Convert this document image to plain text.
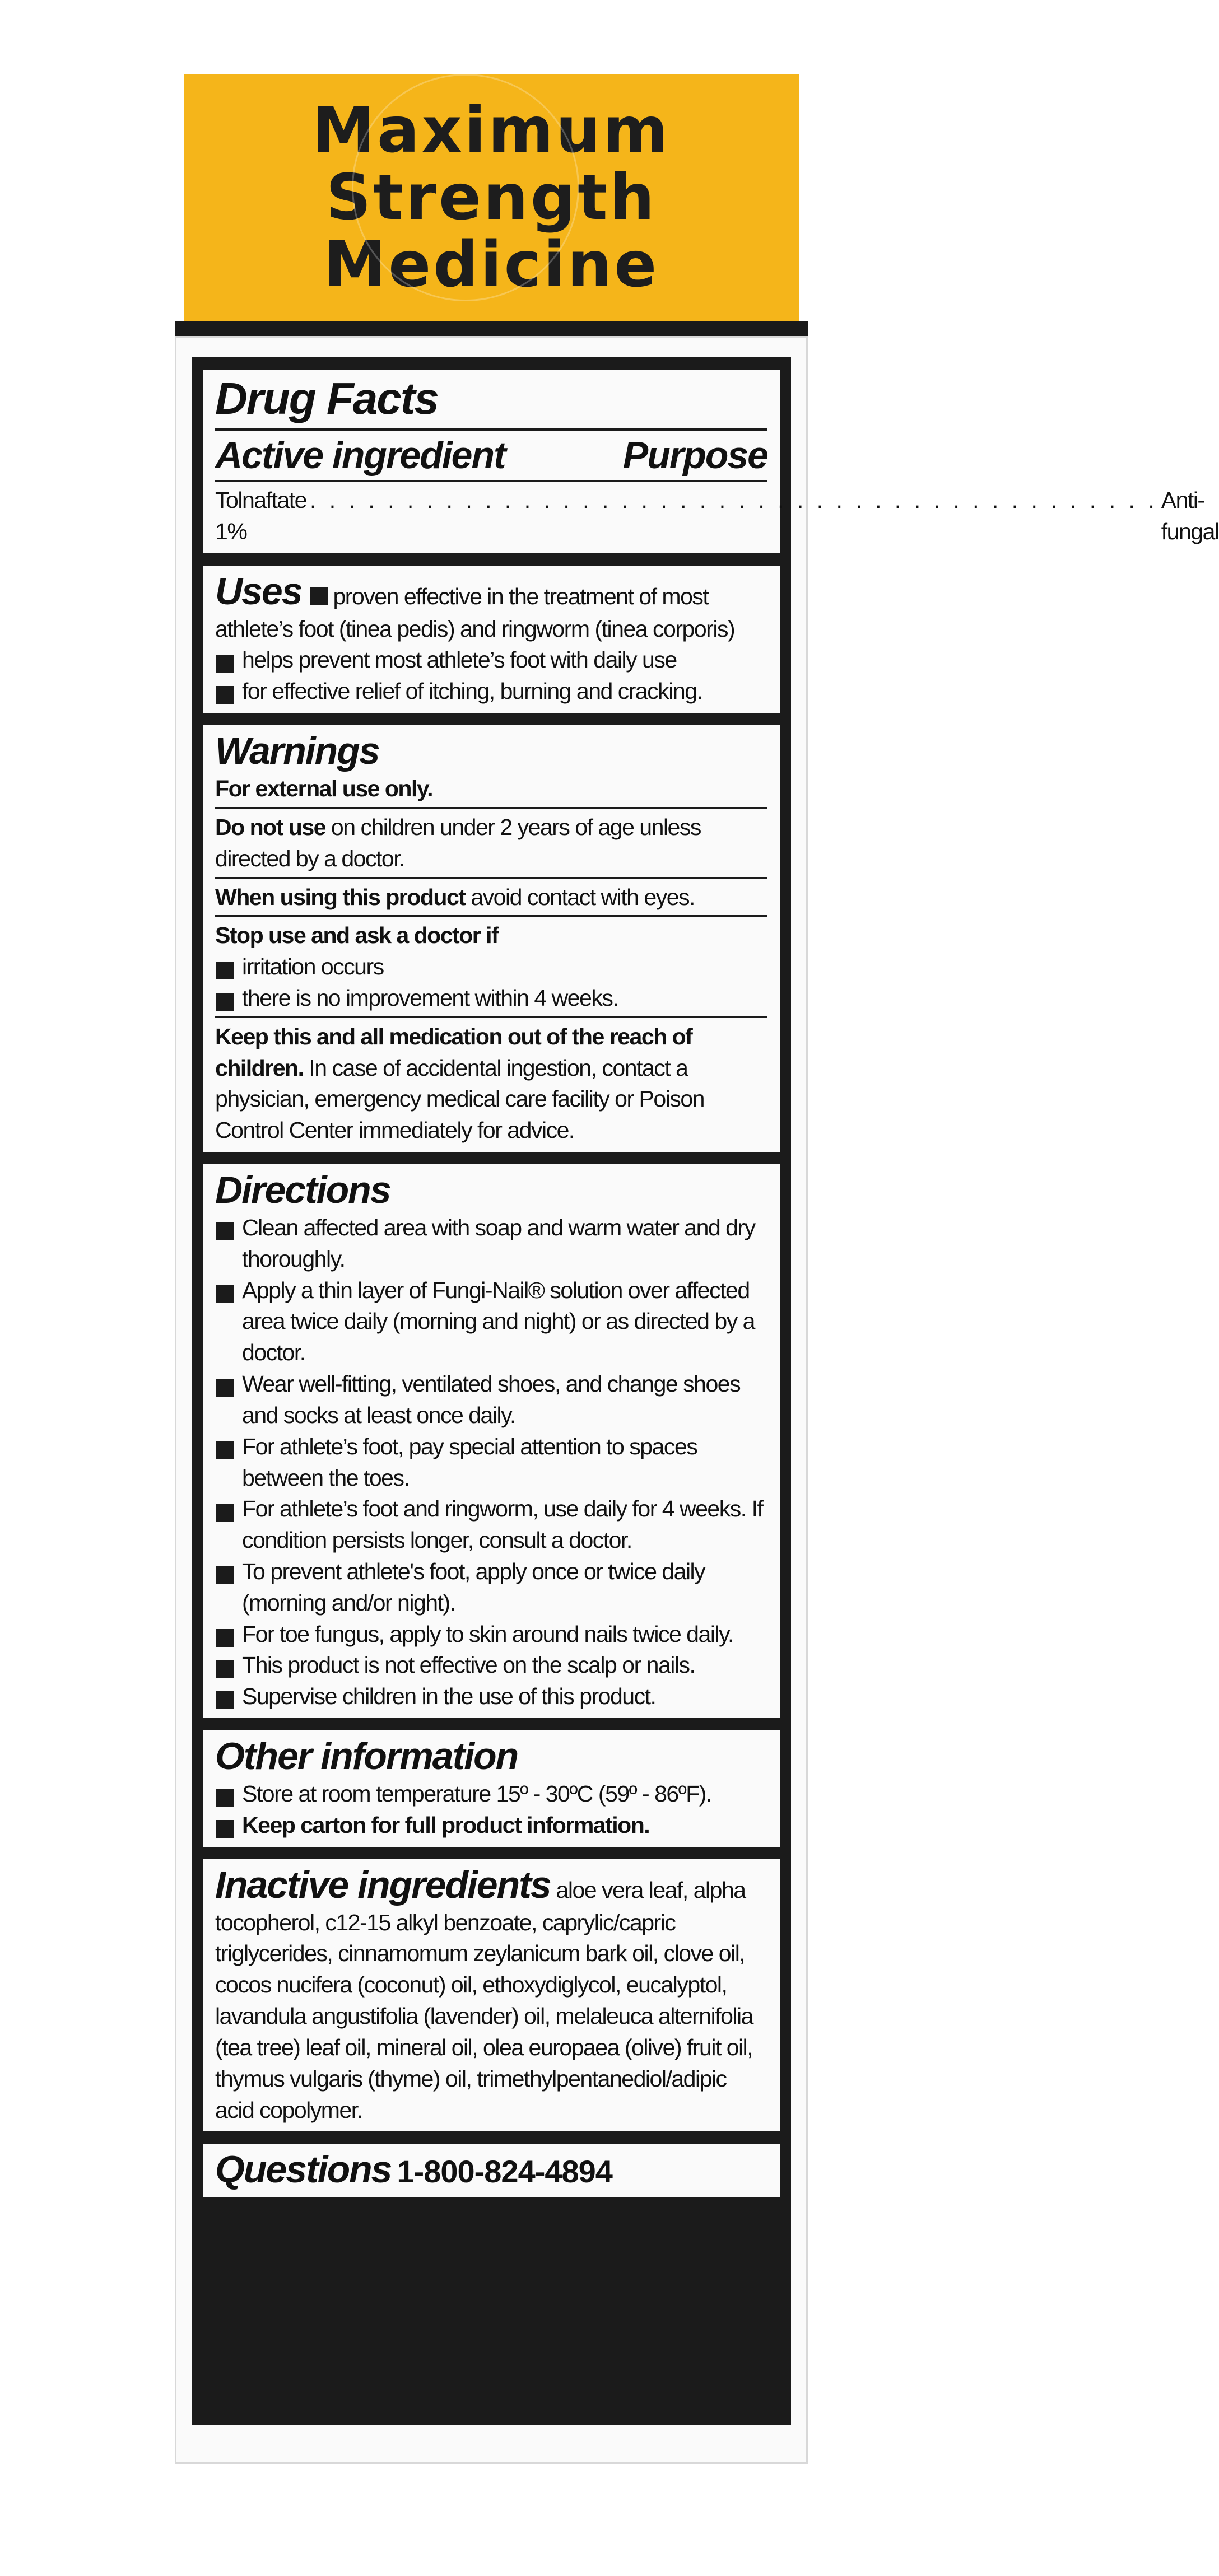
Maximum
Strength
Medicine
Drug Facts
Active ingredient	Purpose
Tolnaftate 1%
. . . . . . . . . . . . . . . . . . . . . . . . . . . . . . . . . . . . . . . . . . . . Anti-fungal
Uses proven effective in the treatment of most athlete’s foot (tinea pedis) and ringworm (tinea corporis)
helps prevent most athlete’s foot with daily use
for effective relief of itching, burning and cracking.
Warnings
For external use only.
Do not use on children under 2 years of age unless directed by a doctor.
When using this product avoid contact with eyes.
Stop use and ask a doctor if
irritation occurs
there is no improvement within 4 weeks.
Keep this and all medication out of the reach of children. In case of accidental ingestion, contact a physician, emergency medical care facility or Poison Control Center immediately for advice.
Directions
Clean affected area with soap and warm water and dry thoroughly.
Apply a thin layer of Fungi-Nail® solution over affected area twice daily (morning and night) or as directed by a doctor.
Wear well-fitting, ventilated shoes, and change shoes and socks at least once daily.
For athlete’s foot, pay special attention to spaces between the toes.
For athlete’s foot and ringworm, use daily for 4 weeks. If condition persists longer, consult a doctor.
To prevent athlete's foot, apply once or twice daily (morning and/or night).
For toe fungus, apply to skin around nails twice daily.
This product is not effective on the scalp or nails.
Supervise children in the use of this product.
Other information
Store at room temperature 15º - 30ºC (59º - 86ºF).
Keep carton for full product information.
Inactive ingredients aloe vera leaf, alpha tocopherol, c12-15 alkyl benzoate, caprylic/capric triglycerides, cinnamomum zeylanicum bark oil, clove oil, cocos nucifera (coconut) oil, ethoxydiglycol, eucalyptol, lavandula angustifolia (lavender) oil, melaleuca alternifolia (tea tree) leaf oil, mineral oil, olea europaea (olive) fruit oil, thymus vulgaris (thyme) oil, trimethylpentanediol/adipic acid copolymer.
Questions 1-800-824-4894
